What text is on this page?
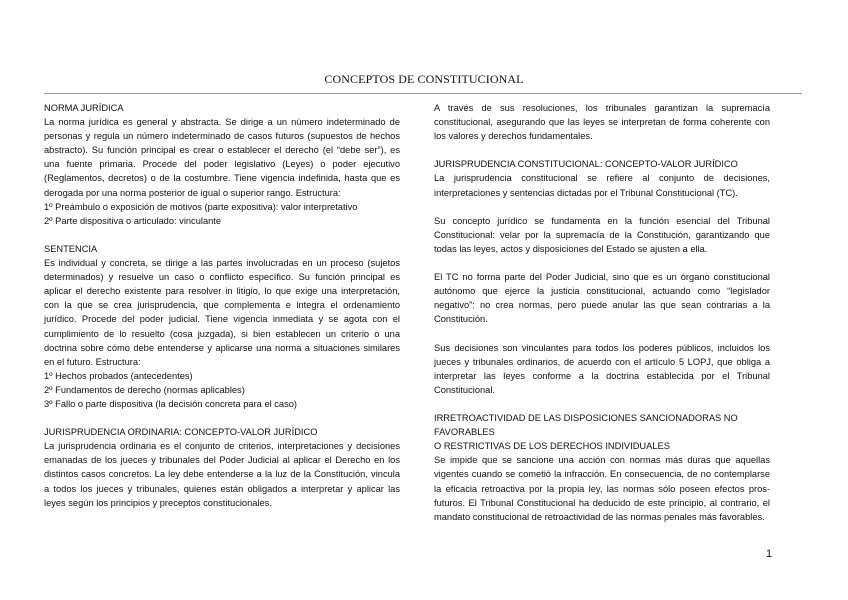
CONCEPTOS DE CONSTITUCIONAL

NORMA JURÍDICA

La norma jurídica es general y abstracta. Se dirige a un número indeterminado de personas y regula un número indeterminado de casos futuros (supuestos de hechos abstracto). Su función principal es crear o establecer el derecho (el “debe ser”), es una fuente primaria. Procede del poder legislativo (Leyes) o poder ejecutivo (Reglamentos, decretos) o de la costumbre. Tiene vigencia indefinida, hasta que es derogada por una norma posterior de igual o superior rango. Estructura:

1º Preámbulo o exposición de motivos (parte expositiva): valor interpretativo

2º Parte dispositiva o articulado: vinculante

SENTENCIA

Es individual y concreta, se dirige a las partes involucradas en un proceso (sujetos determinados) y resuelve un caso o conflicto específico. Su función principal es aplicar el derecho existente para resolver in litigio, lo que exige una interpretación, con la que se crea jurisprudencia, que complementa e integra el ordenamiento jurídico. Procede del poder judicial. Tiene vigencia inmediata y se agota con el cumplimiento de lo resuelto (cosa juzgada), si bien establecen un criterio o una doctrina sobre cómo debe entenderse y aplicarse una norma a situaciones similares en el futuro. Estructura:

1º Hechos probados (antecedentes)

2º Fundamentos de derecho (normas aplicables)

3º Fallo o parte dispositiva (la decisión concreta para el caso)

JURISPRUDENCIA ORDINARIA: CONCEPTO-VALOR JURÍDICO

La jurisprudencia ordinaria es el conjunto de criterios, interpretaciones y decisiones emanadas de los jueces y tribunales del Poder Judicial al aplicar el Derecho en los distintos casos concretos. La ley debe entenderse a la luz de la Constitución, vincula a todos los jueces y tribunales, quienes están obligados a interpretar y aplicar las leyes según los principios y preceptos constitucionales.

A través de sus resoluciones, los tribunales garantizan la supremacía constitucional, asegurando que las leyes se interpretan de forma coherente con los valores y derechos fundamentales.

JURISPRUDENCIA CONSTITUCIONAL: CONCEPTO-VALOR JURÍDICO

La jurisprudencia constitucional se refiere al conjunto de decisiones, interpretaciones y sentencias dictadas por el Tribunal Constitucional (TC).

Su concepto jurídico se fundamenta en la función esencial del Tribunal Constitucional: velar por la supremacía de la Constitución, garantizando que todas las leyes, actos y disposiciones del Estado se ajusten a ella.

El TC no forma parte del Poder Judicial, sino que es un órgano constitucional autónomo que ejerce la justicia constitucional, actuando como “legislador negativo”: no crea normas, pero puede anular las que sean contrarias a la Constitución.

Sus decisiones son vinculantes para todos los poderes públicos, incluidos los jueces y tribunales ordinarios, de acuerdo con el artículo 5 LOPJ, que obliga a interpretar las leyes conforme a la doctrina establecida por el Tribunal Constitucional.

IRRETROACTIVIDAD DE LAS DISPOSICIONES SANCIONADORAS NO FAVORABLES

O RESTRICTIVAS DE LOS DERECHOS INDIVIDUALES

Se impide que se sancione una acción con normas más duras que aquellas vigentes cuando se cometió la infracción. En consecuencia, de no contemplarse la eficacia retroactiva por la propia ley, las normas sólo poseen efectos pros-futuros. El Tribunal Constitucional ha deducido de este principio, al contrario, el mandato constitucional de retroactividad de las normas penales más favorables.

1
